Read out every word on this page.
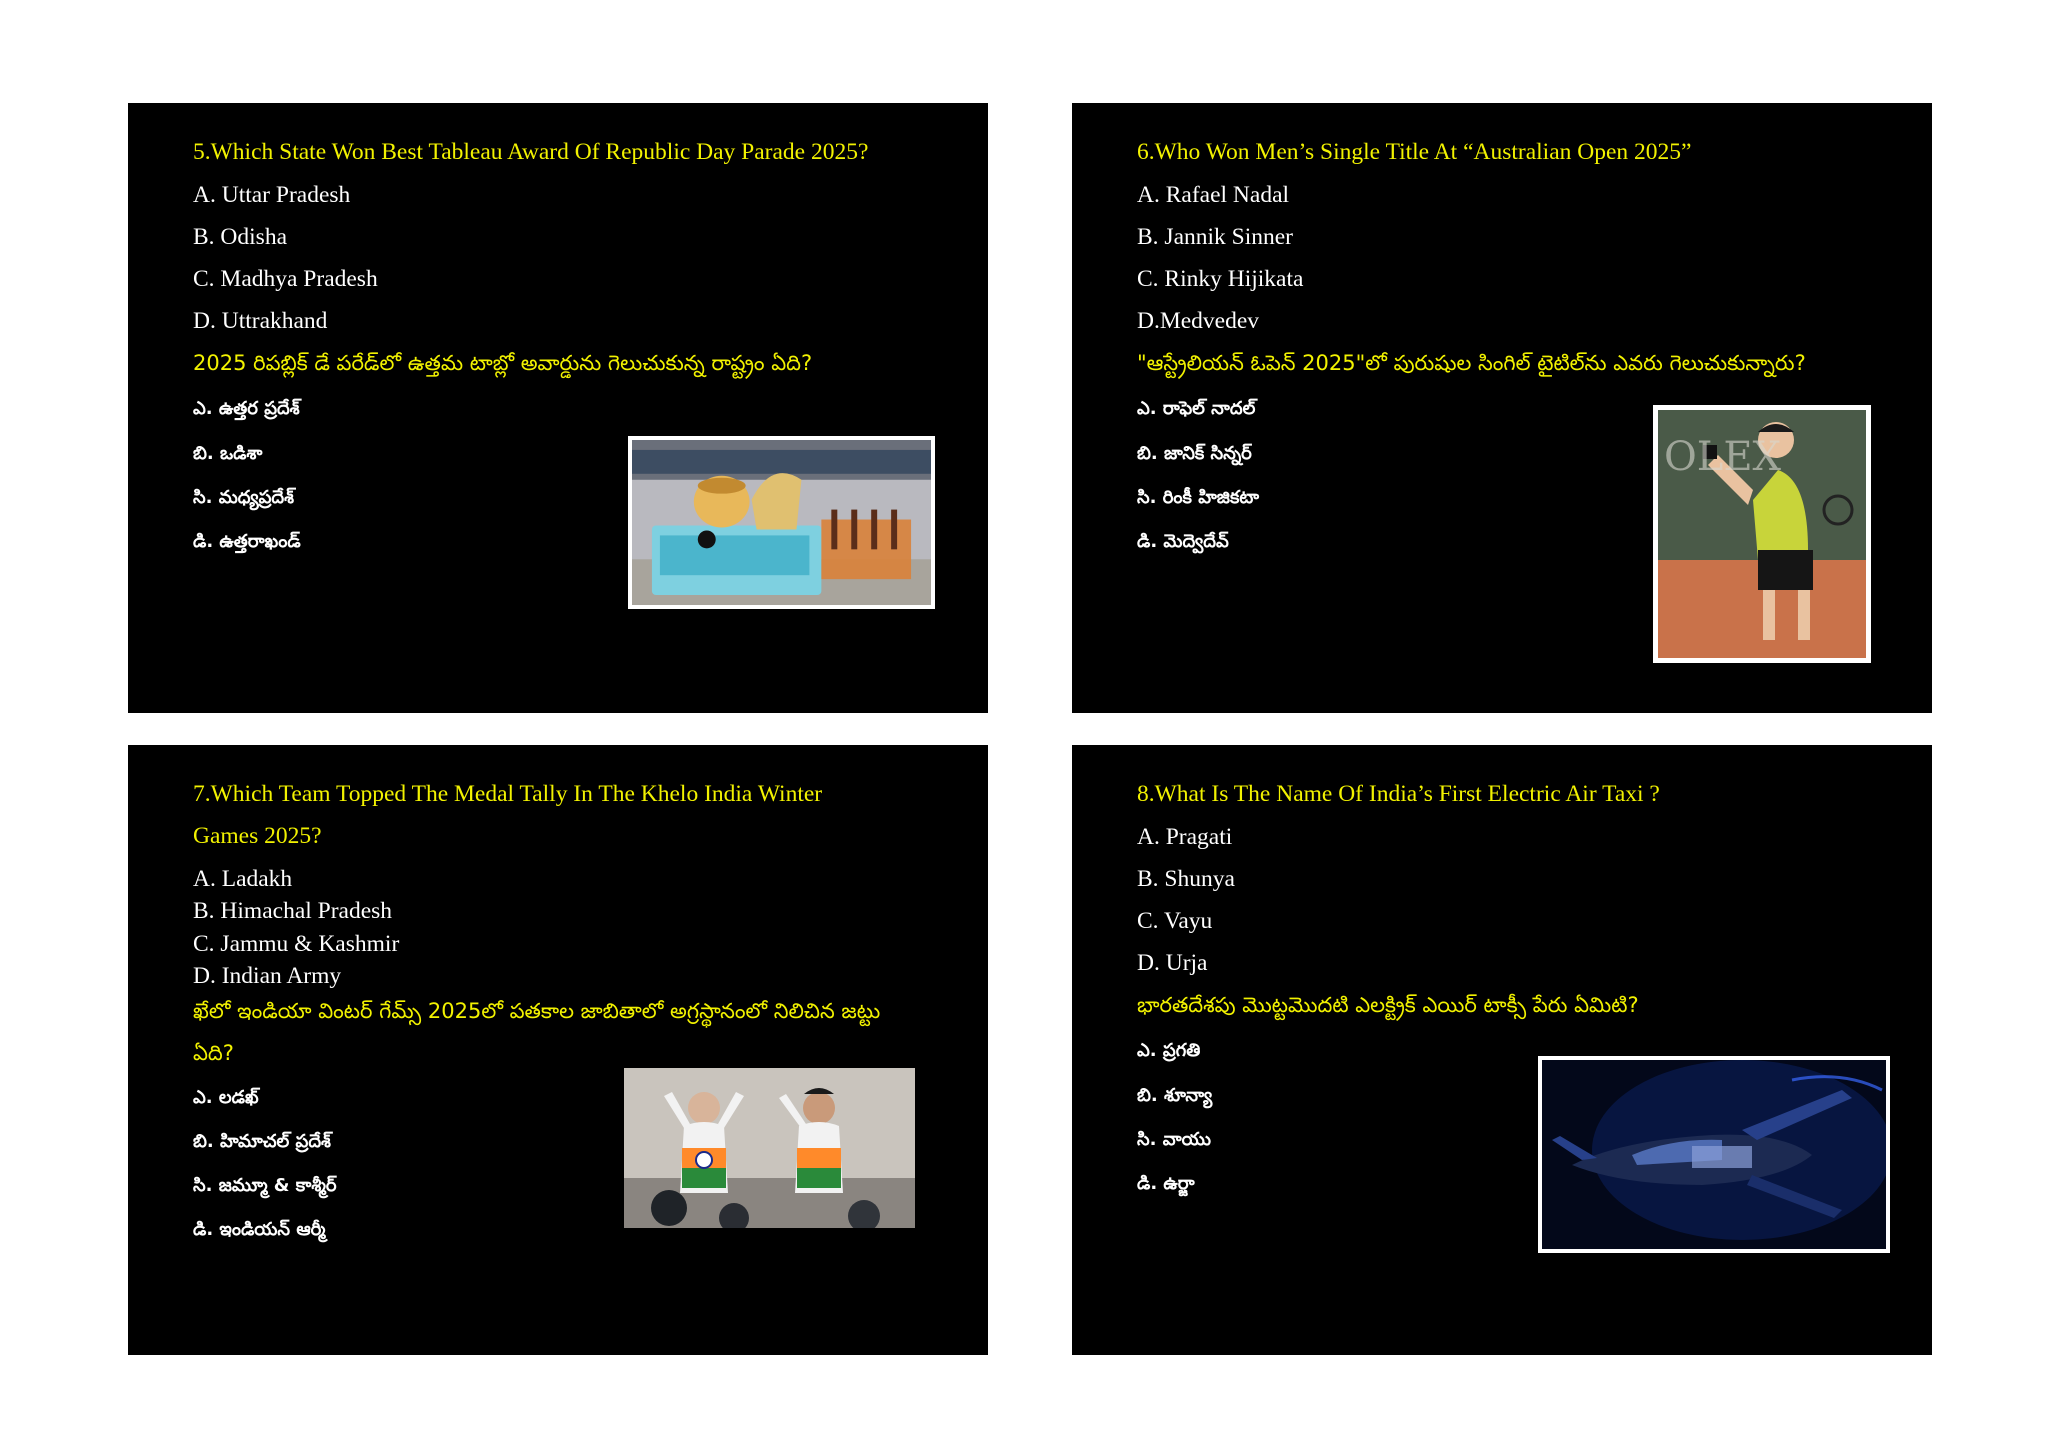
5.Which State Won Best Tableau Award Of Republic Day Parade 2025?

A. Uttar Pradesh

B. Odisha

C. Madhya Pradesh

D. Uttrakhand

2025 రిపబ్లిక్ డే పరేడ్‌లో ఉత్తమ టాబ్లో అవార్డును గెలుచుకున్న రాష్ట్రం ఏది?

ఎ. ఉత్తర ప్రదేశ్

బి. ఒడిశా

సి. మధ్యప్రదేశ్

డి. ఉత్తరాఖండ్

6.Who Won Men’s Single Title At “Australian Open 2025”

A. Rafael Nadal

B. Jannik Sinner

C. Rinky Hijikata

D.Medvedev

"ఆస్ట్రేలియన్ ఓపెన్ 2025"లో పురుషుల సింగిల్ టైటిల్‌ను ఎవరు గెలుచుకున్నారు?

ఎ. రాఫెల్ నాదల్

బి. జానిక్ సిన్నర్

సి. రింకీ హిజికటా

డి. మెద్వెదేవ్

OLEX

7.Which Team Topped The Medal Tally In The Khelo India Winter

Games 2025?

A. Ladakh

B. Himachal Pradesh

C. Jammu & Kashmir

D. Indian Army

ఖేలో ఇండియా వింటర్ గేమ్స్ 2025లో పతకాల జాబితాలో అగ్రస్థానంలో నిలిచిన జట్టు

ఏది?

ఎ. లడఖ్

బి. హిమాచల్ ప్రదేశ్

సి. జమ్మూ & కాశ్మీర్

డి. ఇండియన్ ఆర్మీ

8.What Is The Name Of India’s First Electric Air Taxi ?

A. Pragati

B. Shunya

C. Vayu

D. Urja

భారతదేశపు మొట్టమొదటి ఎలక్ట్రిక్ ఎయిర్ టాక్సీ పేరు ఏమిటి?

ఎ. ప్రగతి

బి. శూన్యా

సి. వాయు

డి. ఉర్జా
